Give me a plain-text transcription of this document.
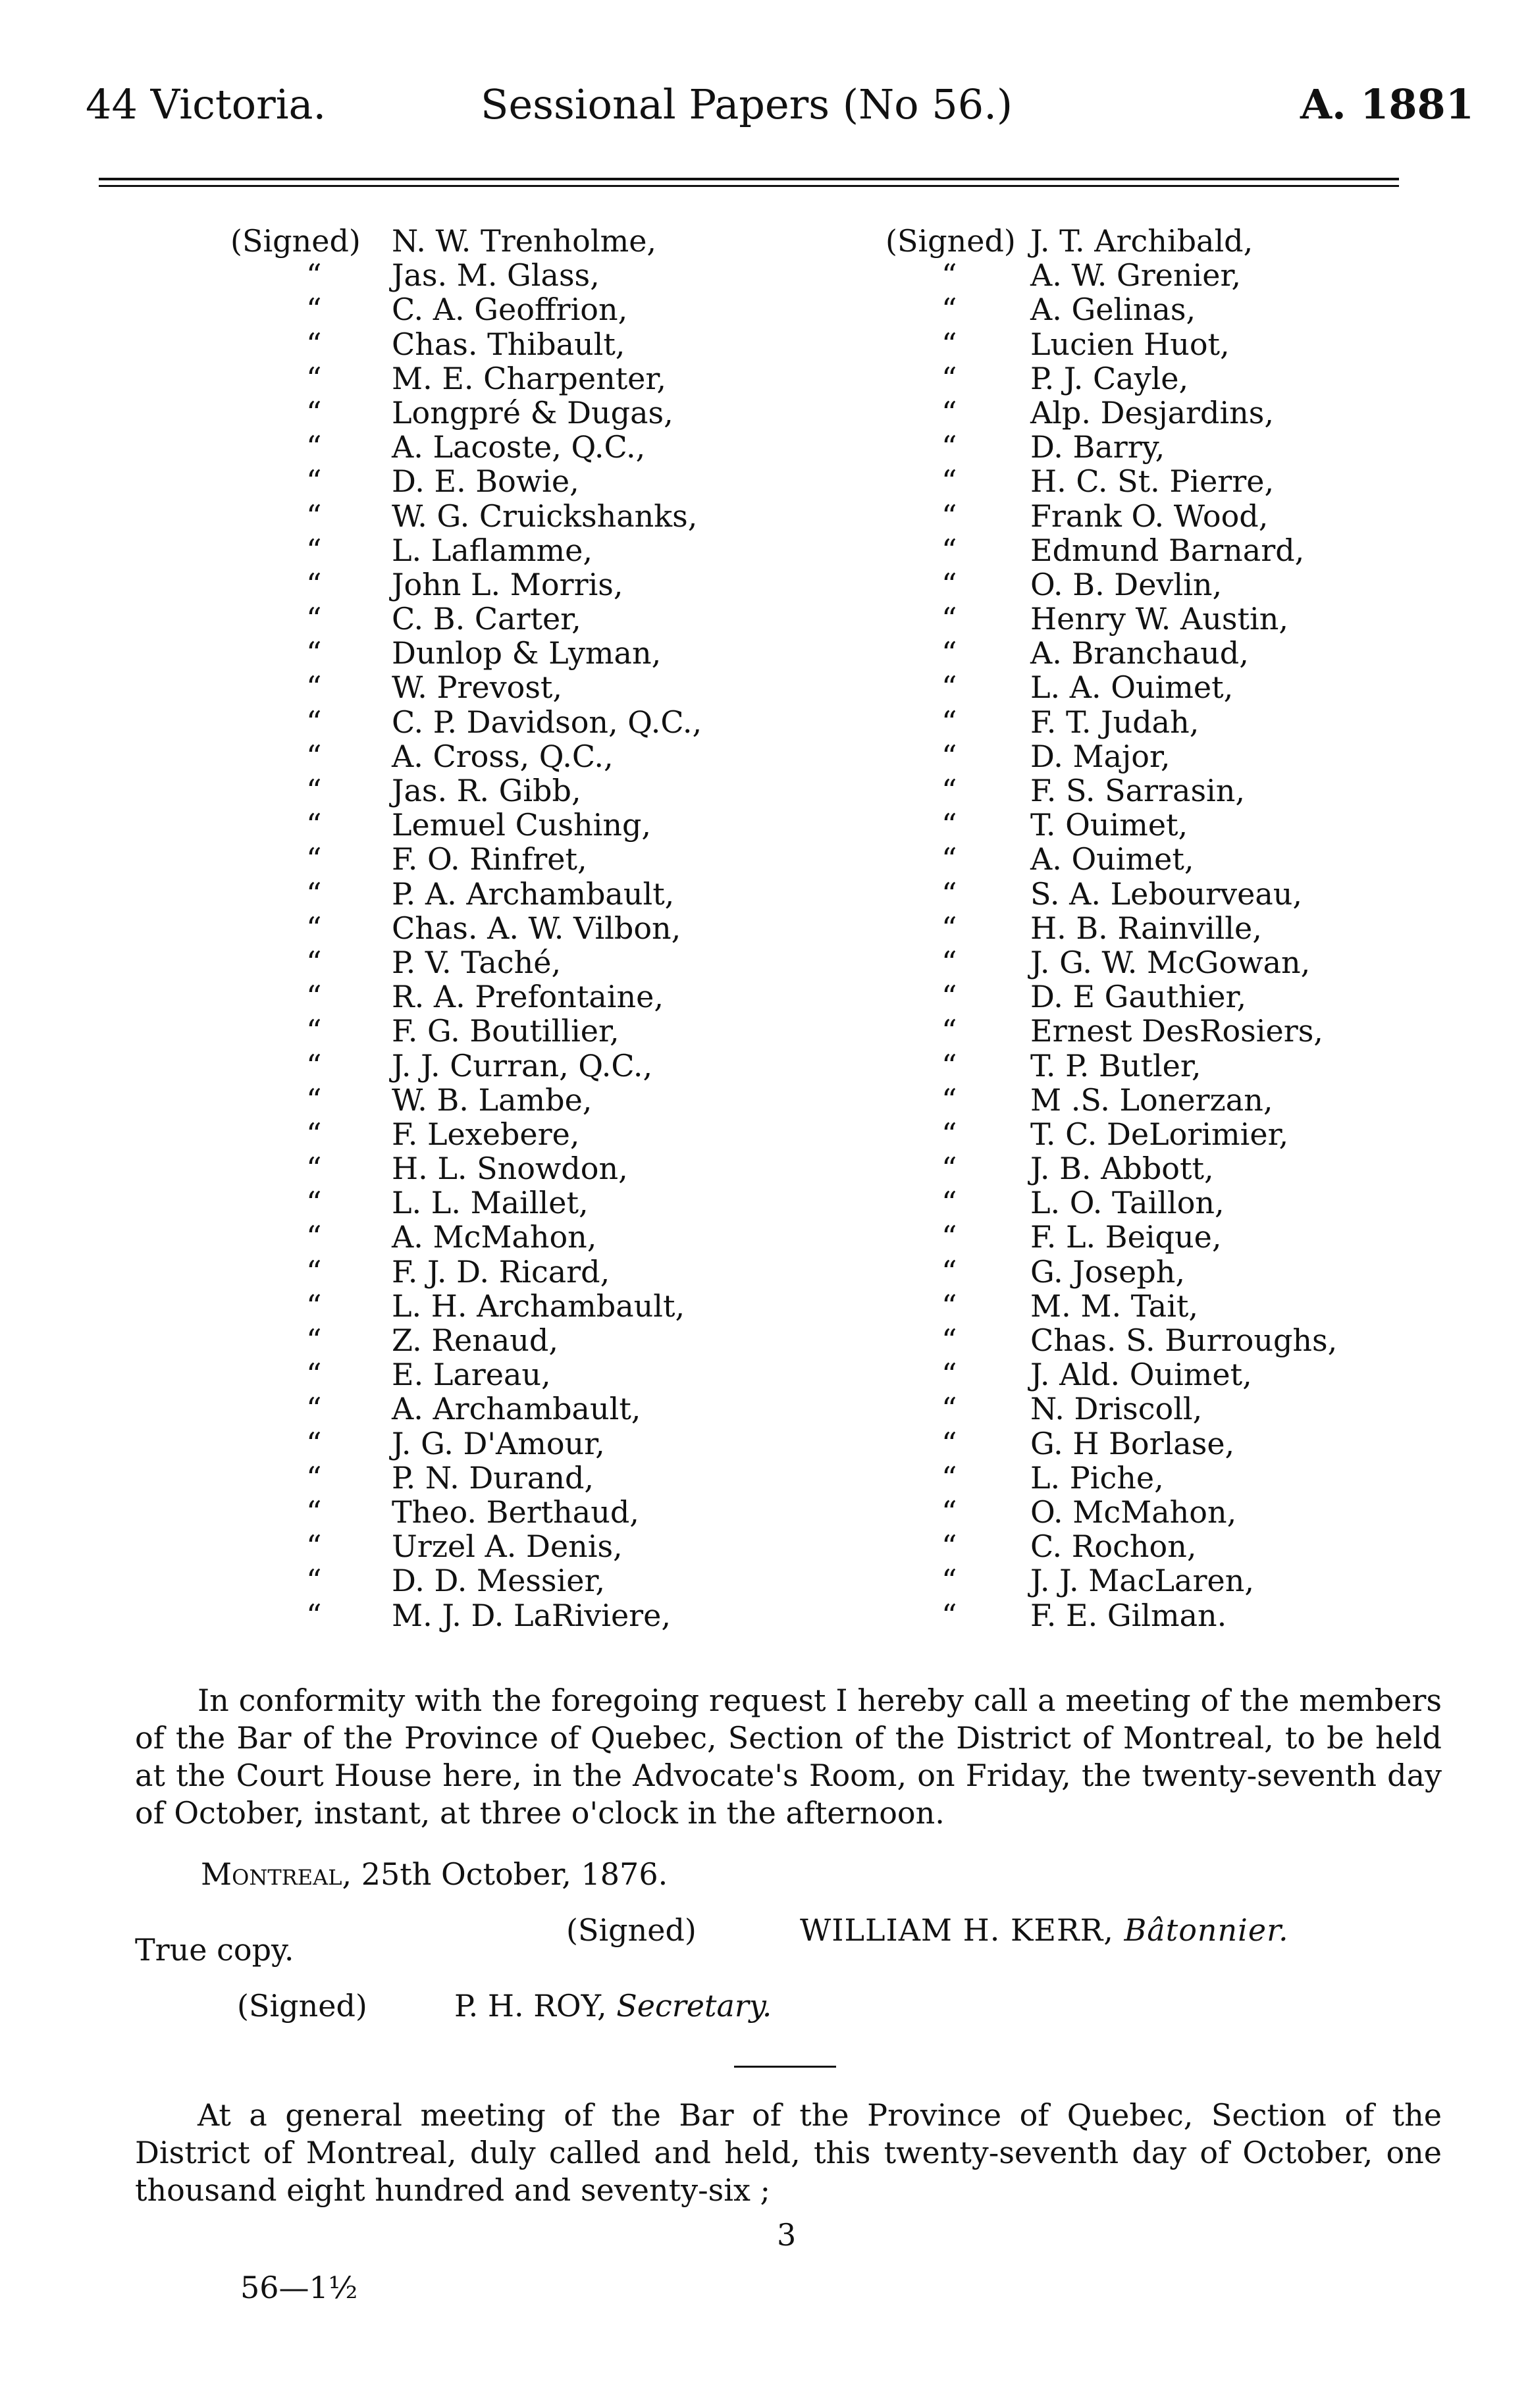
44 Victoria.	Sessional Papers (No 56.)	A. 1881
(Signed)	N. W. Trenholme,
“ Jas. M. Glass,
“ C. A. Geoffrion,
“ Chas. Thibault,
“ M. E. Charpenter,
“ Longpré & Dugas,
“ A. Lacoste, Q.C.,
“ D. E. Bowie,
“ W. G. Cruickshanks,
“ L. Laflamme,
“ John L. Morris,
“ C. B. Carter,
“ Dunlop & Lyman,
“ W. Prevost,
“ C. P. Davidson, Q.C.,
“ A. Cross, Q.C.,
“ Jas. R. Gibb,
“ Lemuel Cushing,
“ F. O. Rinfret,
“ P. A. Archambault,
“ Chas. A. W. Vilbon,
“ P. V. Taché,
“ R. A. Prefontaine,
“ F. G. Boutillier,
“ J. J. Curran, Q.C.,
“ W. B. Lambe,
“ F. Lexebere,
“ H. L. Snowdon,
“ L. L. Maillet,
“ A. McMahon,
“ F. J. D. Ricard,
“ L. H. Archambault,
“ Z. Renaud,
“ E. Lareau,
“ A. Archambault,
“ J. G. D'Amour,
“ P. N. Durand,
“ Theo. Berthaud,
“ Urzel A. Denis,
“ D. D. Messier,
“ M. J. D. LaRiviere,
(Signed) J. T. Archibald,
“ A. W. Grenier,
“ A. Gelinas,
“ Lucien Huot,
“ P. J. Cayle,
“ Alp. Desjardins,
“ D. Barry,
“ H. C. St. Pierre,
“ Frank O. Wood,
“ Edmund Barnard,
“ O. B. Devlin,
“ Henry W. Austin,
“ A. Branchaud,
“ L. A. Ouimet,
“ F. T. Judah,
“ D. Major,
“ F. S. Sarrasin,
“ T. Ouimet,
“ A. Ouimet,
“ S. A. Lebourveau,
“ H. B. Rainville,
“ J. G. W. McGowan,
“ D. E Gauthier,
“ Ernest DesRosiers,
“ T. P. Butler,
“ M .S. Lonerzan,
“ T. C. DeLorimier,
“ J. B. Abbott,
“ L. O. Taillon,
“ F. L. Beique,
“ G. Joseph,
“ M. M. Tait,
“ Chas. S. Burroughs,
“ J. Ald. Ouimet,
“ N. Driscoll,
“ G. H Borlase,
“ L. Piche,
“ O. McMahon,
“ C. Rochon,
“ J. J. MacLaren,
“ F. E. Gilman.
In conformity with the foregoing request I hereby call a meeting of the members of the Bar of the Province of Quebec, Section of the District of Montreal, to be held at the Court House here, in the Advocate's Room, on Friday, the twenty-seventh day of October, instant, at three o'clock in the afternoon.
Montreal, 25th October, 1876.
(Signed)	WILLIAM H. KERR, Bâtonnier.
True copy.
(Signed)	P. H. ROY, Secretary.
At a general meeting of the Bar of the Province of Quebec, Section of the District of Montreal, duly called and held, this twenty-seventh day of October, one thousand eight hundred and seventy-six ;
3
56—1½
